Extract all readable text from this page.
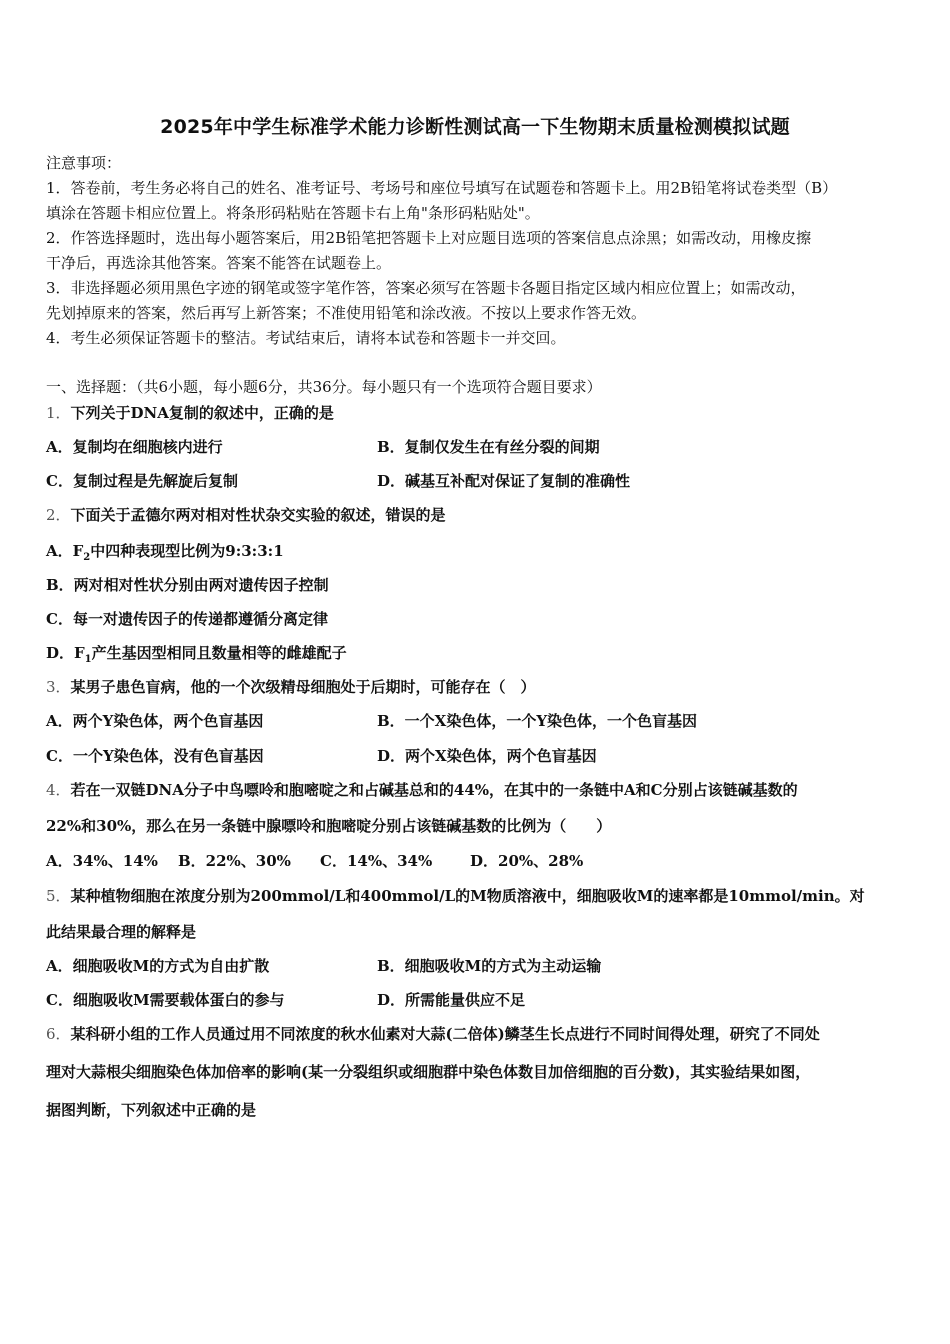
2025年中学生标准学术能力诊断性测试高一下生物期末质量检测模拟试题
注意事项：
1．答卷前，考生务必将自己的姓名、准考证号、考场号和座位号填写在试题卷和答题卡上。用2B铅笔将试卷类型（B）
填涂在答题卡相应位置上。将条形码粘贴在答题卡右上角"条形码粘贴处"。
2．作答选择题时，选出每小题答案后，用2B铅笔把答题卡上对应题目选项的答案信息点涂黑；如需改动，用橡皮擦
干净后，再选涂其他答案。答案不能答在试题卷上。
3．非选择题必须用黑色字迹的钢笔或签字笔作答，答案必须写在答题卡各题目指定区域内相应位置上；如需改动，
先划掉原来的答案，然后再写上新答案；不准使用铅笔和涂改液。不按以上要求作答无效。
4．考生必须保证答题卡的整洁。考试结束后，请将本试卷和答题卡一并交回。
一、选择题：（共6小题，每小题6分，共36分。每小题只有一个选项符合题目要求）
1．下列关于DNA复制的叙述中，正确的是
A．复制均在细胞核内进行	B．复制仅发生在有丝分裂的间期
C．复制过程是先解旋后复制	D．碱基互补配对保证了复制的准确性
2．下面关于孟德尔两对相对性状杂交实验的叙述，错误的是
A．$F_2$中四种表现型比例为9:3:3:1
B．两对相对性状分别由两对遗传因子控制
C．每一对遗传因子的传递都遵循分离定律
D．$F_1$产生基因型相同且数量相等的雌雄配子
3．某男子患色盲病，他的一个次级精母细胞处于后期时，可能存在（　）
A．两个Y染色体，两个色盲基因	B．一个X染色体，一个Y染色体，一个色盲基因
C．一个Y染色体，没有色盲基因	D．两个X染色体，两个色盲基因
4．若在一双链DNA分子中鸟嘌呤和胞嘧啶之和占碱基总和的44%，在其中的一条链中A和C分别占该链碱基数的
22%和30%，那么在另一条链中腺嘌呤和胞嘧啶分别占该链碱基数的比例为（　　）
A．34%、14% B．22%、30% C．14%、34%	D．20%、28%
5．某种植物细胞在浓度分别为200mmol/L和400mmol/L的M物质溶液中，细胞吸收M的速率都是10mmol/min。对
此结果最合理的解释是
A．细胞吸收M的方式为自由扩散	B．细胞吸收M的方式为主动运输
C．细胞吸收M需要载体蛋白的参与	D．所需能量供应不足
6．某科研小组的工作人员通过用不同浓度的秋水仙素对大蒜(二倍体)鳞茎生长点进行不同时间得处理，研究了不同处
理对大蒜根尖细胞染色体加倍率的影响(某一分裂组织或细胞群中染色体数目加倍细胞的百分数)，其实验结果如图，
据图判断，下列叙述中正确的是
